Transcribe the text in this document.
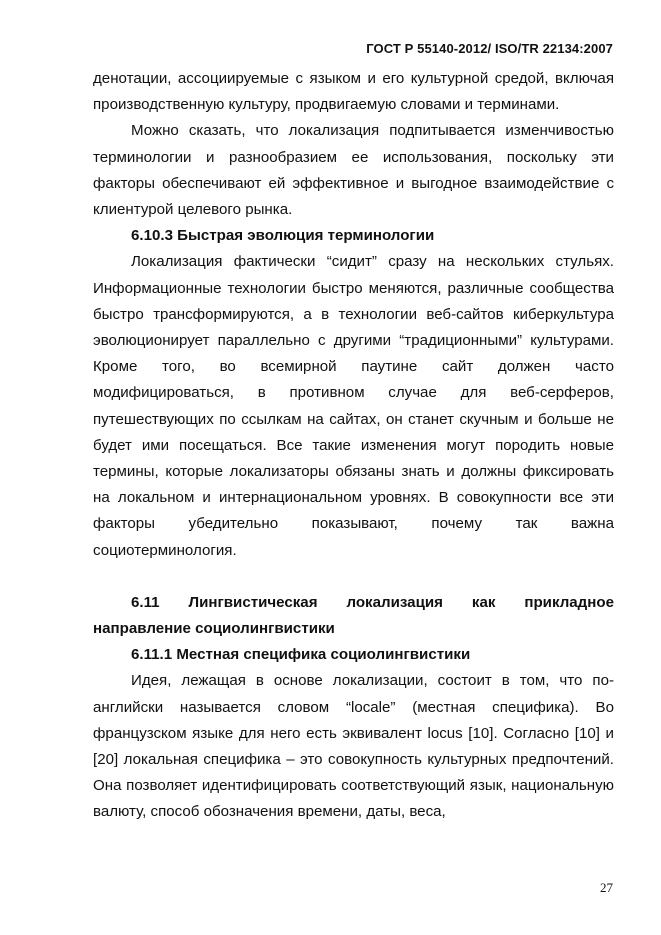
ГОСТ Р 55140-2012/ ISO/TR 22134:2007

денотации, ассоциируемые с языком и его культурной средой, включая производственную культуру, продвигаемую словами и терминами.

Можно сказать, что локализация подпитывается изменчивостью терминологии и разнообразием ее использования, поскольку эти факторы обеспечивают ей эффективное и выгодное взаимодействие с клиентурой целевого рынка.

6.10.3 Быстрая эволюция терминологии

Локализация фактически “сидит” сразу на нескольких стульях. Информационные технологии быстро меняются, различные сообщества быстро трансформируются, а в технологии веб-сайтов киберкультура эволюционирует параллельно с другими “традиционными” культурами. Кроме того, во всемирной паутине сайт должен часто модифицироваться, в противном случае для веб-серферов, путешествующих по ссылкам на сайтах, он станет скучным и больше не будет ими посещаться. Все такие изменения могут породить новые термины, которые локализаторы обязаны знать и должны фиксировать на локальном и интернациональном уровнях. В совокупности все эти факторы убедительно показывают, почему так важна социотерминология.

6.11 Лингвистическая локализация как прикладное направление социолингвистики

6.11.1 Местная специфика социолингвистики

Идея, лежащая в основе локализации, состоит в том, что по-английски называется словом “locale” (местная специфика). Во французском языке для него есть эквивалент locus [10]. Согласно [10] и [20] локальная специфика – это совокупность культурных предпочтений. Она позволяет идентифицировать соответствующий язык, национальную валюту, способ обозначения времени, даты, веса,

27
